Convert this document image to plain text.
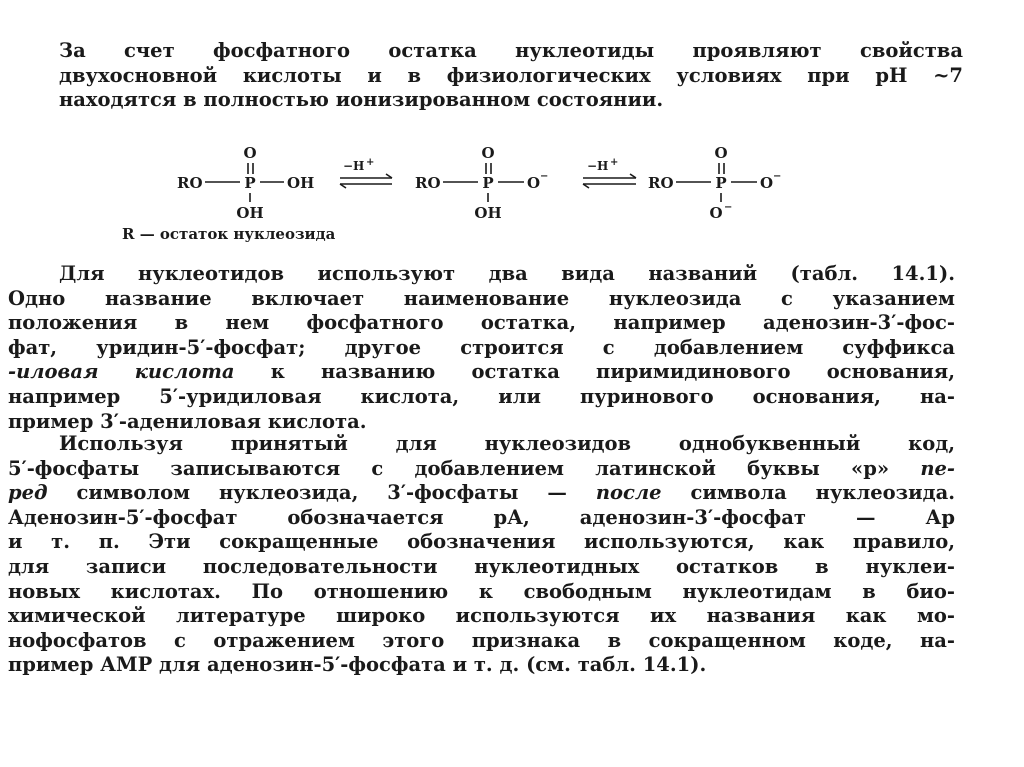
За счет фосфатного остатка нуклеотиды проявляют свойства
двухосновной кислоты и в физиологических условиях при рН ~7
находятся в полностью ионизированном состоянии.
O
RO	P OH
OH
−H +
O
RO	P O −
OH
−H +
O
RO	P O −
O −
R — остаток нуклеозида
Для нуклеотидов используют два вида названий (табл. 14.1).
Одно название включает наименование нуклеозида с указанием
положения в нем фосфатного остатка, например аденозин-3′-фос-
фат, уридин-5′-фосфат; другое строится с добавлением суффикса
-иловая кислота к названию остатка пиримидинового основания,
например 5′-уридиловая кислота, или пуринового основания, на-
пример 3′-адениловая кислота.
Используя принятый для нуклеозидов однобуквенный код,
5′-фосфаты записываются с добавлением латинской буквы «р» пе-
ред символом нуклеозида, 3′-фосфаты — после символа нуклеозида.
Аденозин-5′-фосфат обозначается рА, аденозин-3′-фосфат — Ар
и т. п. Эти сокращенные обозначения используются, как правило,
для записи последовательности нуклеотидных остатков в нуклеи-
новых кислотах. По отношению к свободным нуклеотидам в био-
химической литературе широко используются их названия как мо-
нофосфатов с отражением этого признака в сокращенном коде, на-
пример АМР для аденозин-5′-фосфата и т. д. (см. табл. 14.1).
